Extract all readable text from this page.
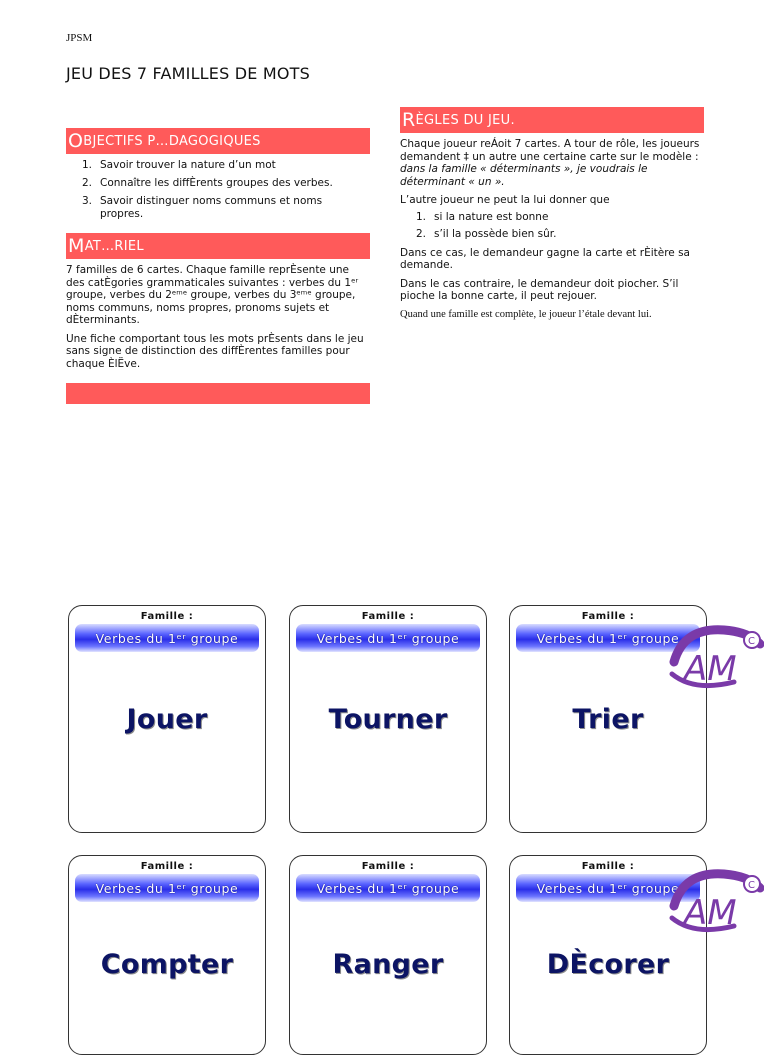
JPSM
JEU DES 7 FAMILLES DE MOTS
O BJECTIFS P…DAGOGIQUES
1. Savoir trouver la nature d’un mot
2. Connaître les diffÈrents groupes des verbes.
3. Savoir distinguer noms communs et noms propres.
M AT…RIEL

7 familles de 6 cartes. Chaque famille reprÈsente une des catÈgories grammaticales suivantes : verbes du 1ᵉʳ groupe, verbes du 2ᵉᵐᵉ groupe, verbes du 3ᵉᵐᵉ groupe, noms communs, noms propres, pronoms sujets et dÈterminants.

Une fiche comportant tous les mots prÈsents dans le jeu sans signe de distinction des diffÈrentes familles pour chaque ÈlËve.

R ÈGLES DU JEU.

Chaque joueur reÁoit 7 cartes. A tour de rôle, les joueurs demandent ‡ un autre une certaine carte sur le modèle :

dans la famille « déterminants », je voudrais le déterminant « un ».

L’autre joueur ne peut la lui donner que

1. si la nature est bonne
2. s’il la possède bien sûr.

Dans ce cas, le demandeur gagne la carte et rÈitère sa demande.

Dans le cas contraire, le demandeur doit piocher. S’il pioche la bonne carte, il peut rejouer.

Quand une famille est complète, le joueur l’étale devant lui.

Famille :
Verbes du 1ᵉʳ groupe
Jouer
Famille :
Verbes du 1ᵉʳ groupe
Tourner
Famille :
Verbes du 1ᵉʳ groupe
Trier
Famille :
Verbes du 1ᵉʳ groupe
Compter
Famille :
Verbes du 1ᵉʳ groupe
Ranger
Famille :
Verbes du 1ᵉʳ groupe
DÈcorer
C
AM
C
AM
